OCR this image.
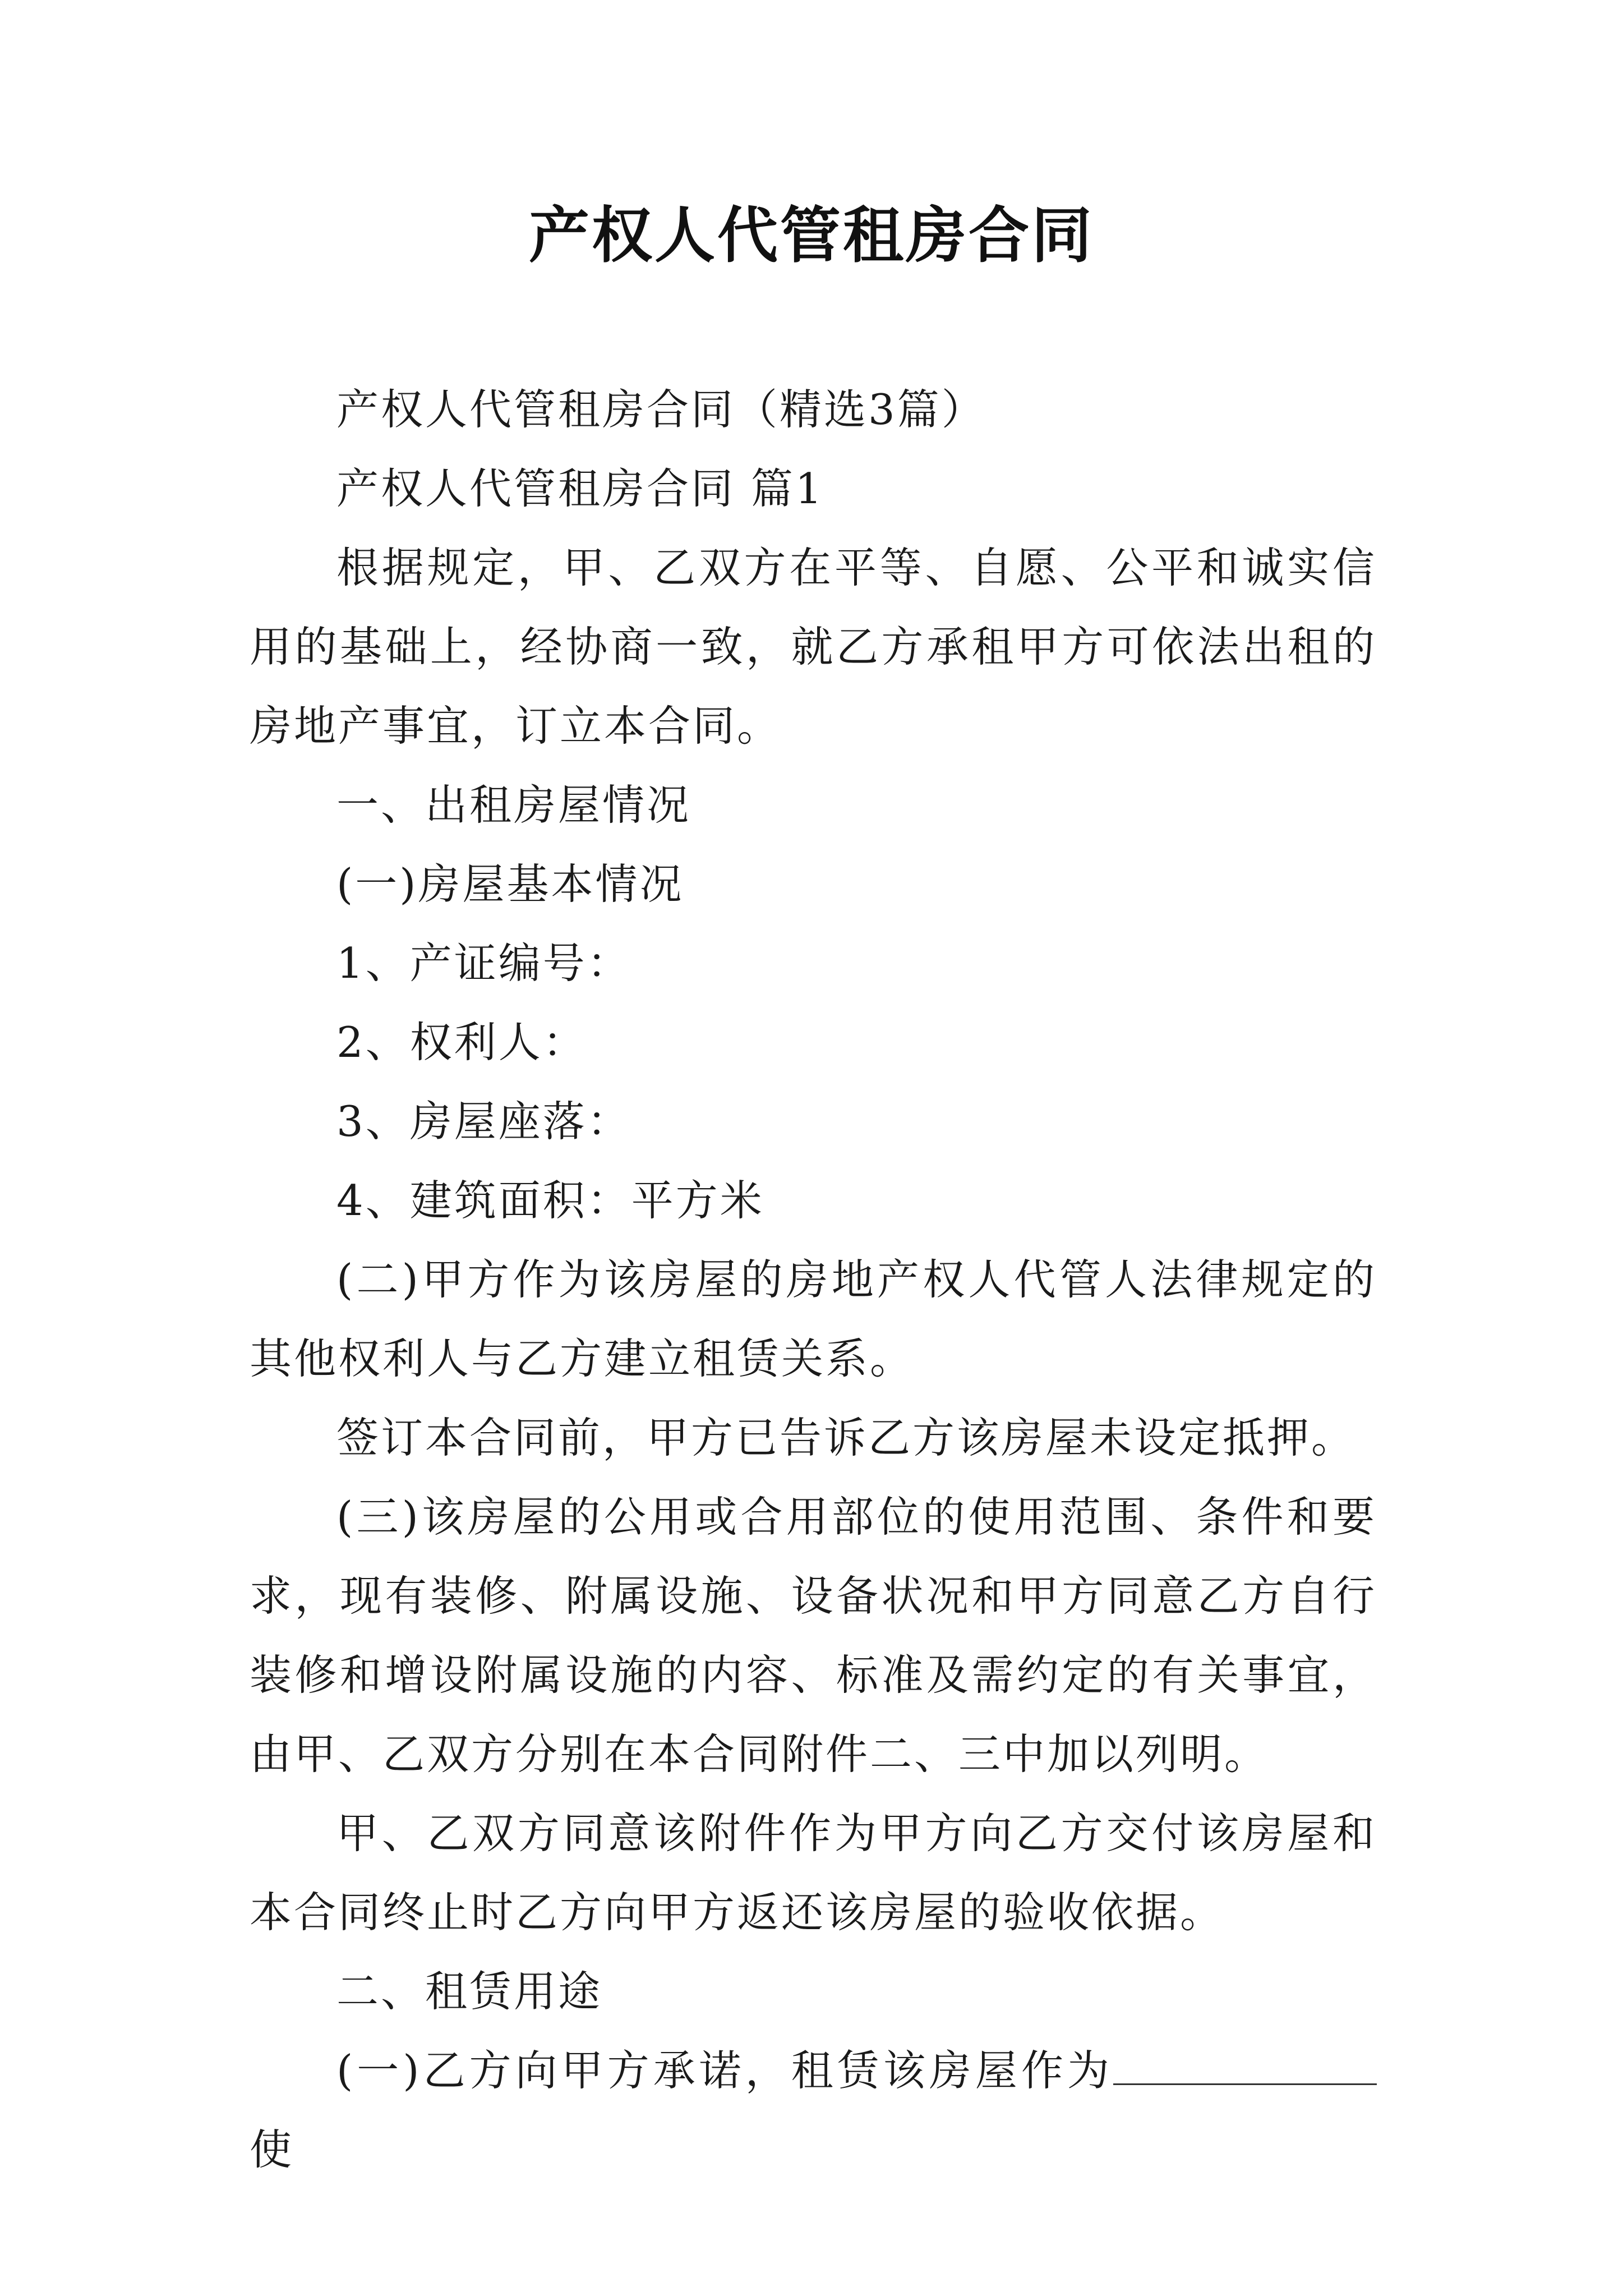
产权人代管租房合同

产权人代管租房合同（精选3篇）

产权人代管租房合同 篇1

根据规定，甲、乙双方在平等、自愿、公平和诚实信用的基础上，经协商一致，就乙方承租甲方可依法出租的房地产事宜，订立本合同。

一、出租房屋情况

(一)房屋基本情况

1、产证编号：

2、权利人：

3、房屋座落：

4、建筑面积：平方米

(二)甲方作为该房屋的房地产权人代管人法律规定的其他权利人与乙方建立租赁关系。

签订本合同前，甲方已告诉乙方该房屋未设定抵押。

(三)该房屋的公用或合用部位的使用范围、条件和要求，现有装修、附属设施、设备状况和甲方同意乙方自行装修和增设附属设施的内容、标准及需约定的有关事宜，由甲、乙双方分别在本合同附件二、三中加以列明。

甲、乙双方同意该附件作为甲方向乙方交付该房屋和本合同终止时乙方向甲方返还该房屋的验收依据。

二、租赁用途

(一)乙方向甲方承诺，租赁该房屋作为使
